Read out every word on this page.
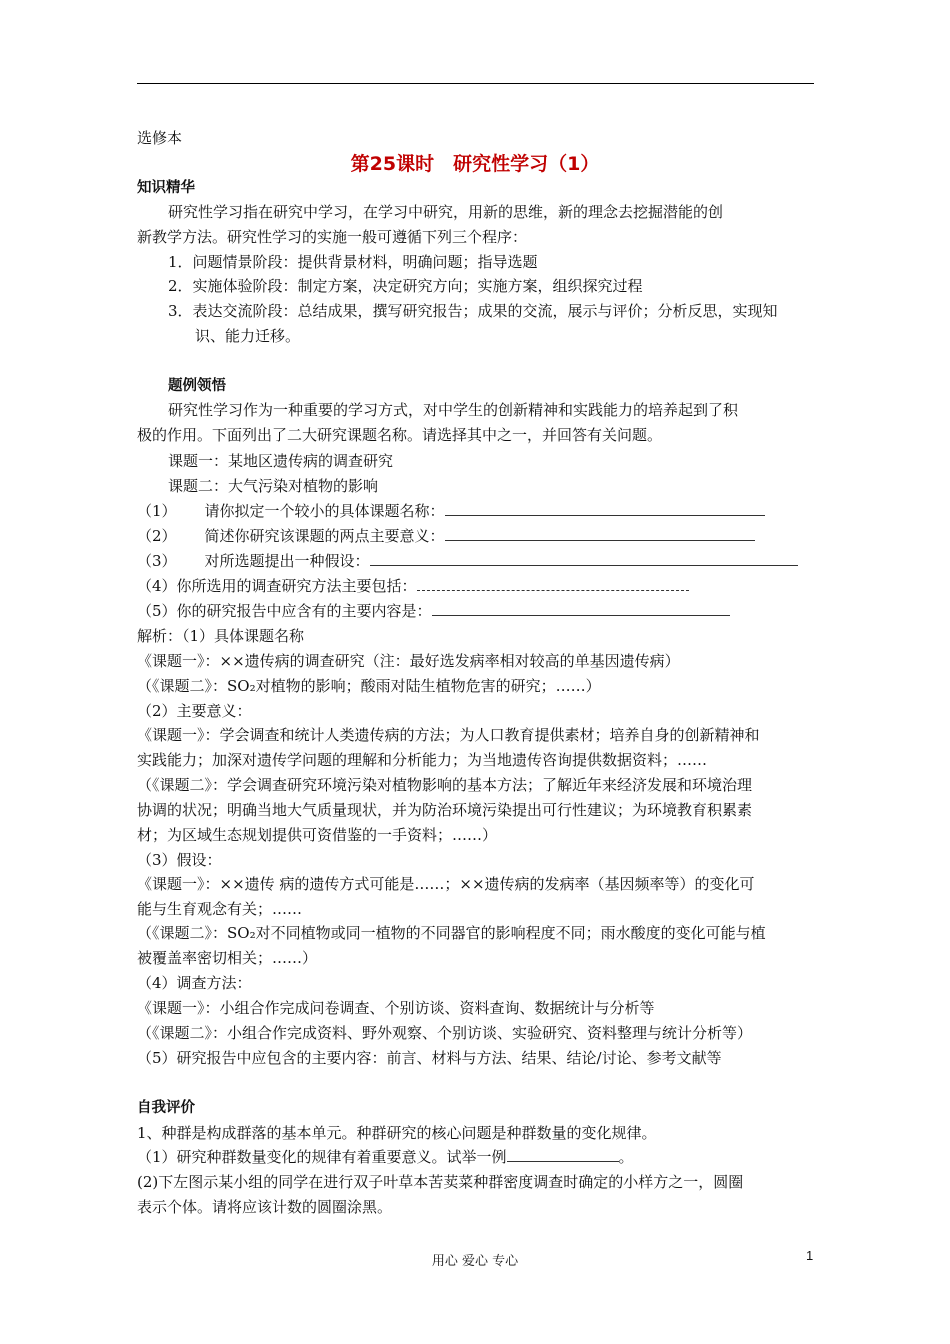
选修本
第25课时　研究性学习（1）
知识精华
研究性学习指在研究中学习，在学习中研究，用新的思维，新的理念去挖掘潜能的创
新教学方法。研究性学习的实施一般可遵循下列三个程序：
1．问题情景阶段：提供背景材料，明确问题；指导选题
2．实施体验阶段：制定方案，决定研究方向；实施方案，组织探究过程
3．表达交流阶段：总结成果，撰写研究报告；成果的交流，展示与评价；分析反思，实现知
识、能力迁移。
题例领悟
研究性学习作为一种重要的学习方式，对中学生的创新精神和实践能力的培养起到了积
极的作用。下面列出了二大研究课题名称。请选择其中之一，并回答有关问题。
课题一：某地区遗传病的调查研究
课题二：大气污染对植物的影响
（1） 请你拟定一个较小的具体课题名称：
（2） 简述你研究该课题的两点主要意义：
（3） 对所选题提出一种假设：
（4）你所选用的调查研究方法主要包括：
（5）你的研究报告中应含有的主要内容是：
解析：（1）具体课题名称
《课题一》：××遗传病的调查研究（注：最好选发病率相对较高的单基因遗传病）
（《课题二》：SO₂对植物的影响；酸雨对陆生植物危害的研究；……）
（2）主要意义：
《课题一》：学会调查和统计人类遗传病的方法；为人口教育提供素材；培养自身的创新精神和
实践能力；加深对遗传学问题的理解和分析能力；为当地遗传咨询提供数据资料；……
（《课题二》：学会调查研究环境污染对植物影响的基本方法；了解近年来经济发展和环境治理
协调的状况；明确当地大气质量现状，并为防治环境污染提出可行性建议；为环境教育积累素
材；为区域生态规划提供可资借鉴的一手资料；……）
（3）假设：
《课题一》：××遗传 病的遗传方式可能是……；××遗传病的发病率（基因频率等）的变化可
能与生育观念有关；……
（《课题二》：SO₂对不同植物或同一植物的不同器官的影响程度不同；雨水酸度的变化可能与植
被覆盖率密切相关；……）
（4）调查方法：
《课题一》：小组合作完成问卷调查、个别访谈、资料查询、数据统计与分析等
（《课题二》：小组合作完成资料、野外观察、个别访谈、实验研究、资料整理与统计分析等）
（5）研究报告中应包含的主要内容：前言、材料与方法、结果、结论/讨论、参考文献等
自我评价
1、种群是构成群落的基本单元。种群研究的核心问题是种群数量的变化规律。
（1）研究种群数量变化的规律有着重要意义。试举一例	。
(2)下左图示某小组的同学在进行双子叶草本苦荬菜种群密度调查时确定的小样方之一，圆圈
表示个体。请将应该计数的圆圈涂黑。
用心 爱心 专心	1
